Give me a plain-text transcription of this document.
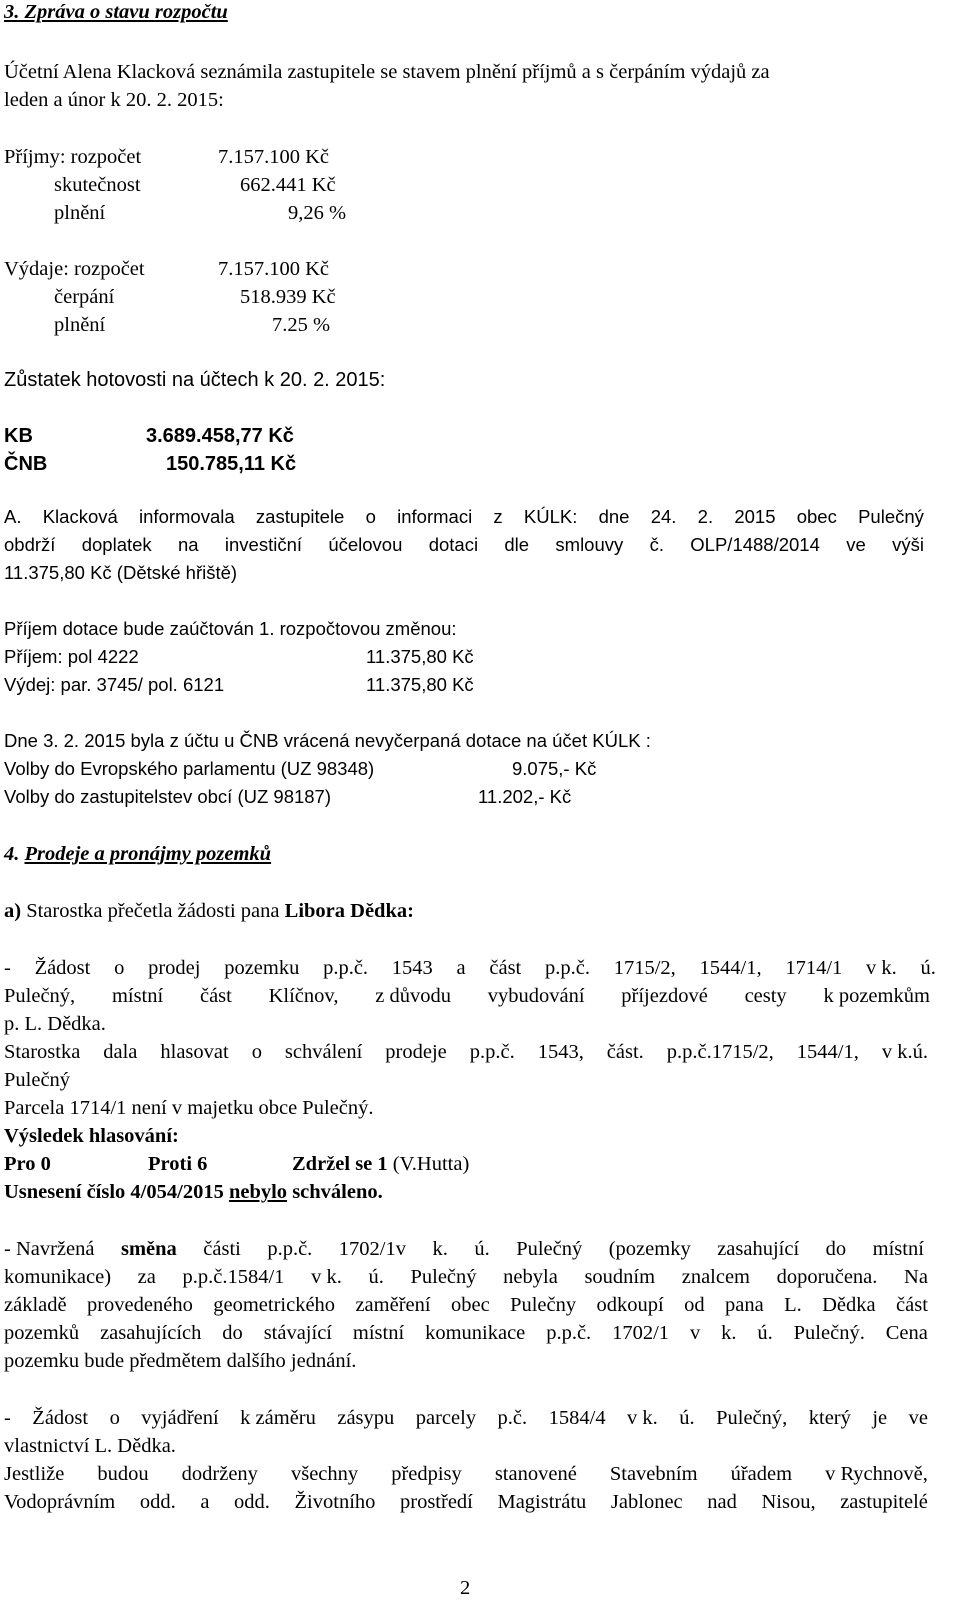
3. Zpráva o stavu rozpočtu
Účetní Alena Klacková seznámila zastupitele se stavem plnění příjmů a s čerpáním výdajů za
leden a únor k 20. 2. 2015:
Příjmy: rozpočet	7.157.100 Kč
skutečnost	662.441 Kč
plnění	9,26 %
Výdaje: rozpočet	7.157.100 Kč
čerpání	518.939 Kč
plnění	7.25 %
Zůstatek hotovosti na účtech k 20. 2. 2015:
KB	3.689.458,77 Kč
ČNB	150.785,11 Kč
A. Klacková informovala zastupitele o informaci z KÚLK: dne 24. 2. 2015 obec Pulečný
obdrží doplatek na investiční účelovou dotaci dle smlouvy č. OLP/1488/2014 ve výši
11.375,80 Kč (Dětské hřiště)
Příjem dotace bude zaúčtován 1. rozpočtovou změnou:
Příjem: pol 4222	11.375,80 Kč
Výdej: par. 3745/ pol. 6121	11.375,80 Kč
Dne 3. 2. 2015 byla z účtu u ČNB vrácená nevyčerpaná dotace na účet KÚLK :
Volby do Evropského parlamentu (UZ 98348)	9.075,- Kč
Volby do zastupitelstev obcí (UZ 98187)	11.202,- Kč
4. Prodeje a pronájmy pozemků
a) Starostka přečetla žádosti pana Libora Dědka:
- Žádost o prodej pozemku p.p.č. 1543 a část p.p.č. 1715/2, 1544/1, 1714/1 v k. ú.
Pulečný, místní část Klíčnov, z důvodu vybudování příjezdové cesty k pozemkům
p. L. Dědka.
Starostka dala hlasovat o schválení prodeje p.p.č. 1543, část. p.p.č.1715/2, 1544/1, v k.ú.
Pulečný
Parcela 1714/1 není v majetku obce Pulečný.
Výsledek hlasování:
Pro 0	Proti 6	Zdržel se 1 (V.Hutta)
Usnesení číslo 4/054/2015 nebylo schváleno.
- Navržená směna části p.p.č. 1702/1v k. ú. Pulečný (pozemky zasahující do místní
komunikace) za p.p.č.1584/1 v k. ú. Pulečný nebyla soudním znalcem doporučena. Na
základě provedeného geometrického zaměření obec Pulečny odkoupí od pana L. Dědka část
pozemků zasahujících do stávající místní komunikace p.p.č. 1702/1 v k. ú. Pulečný. Cena
pozemku bude předmětem dalšího jednání.
- Žádost o vyjádření k záměru zásypu parcely p.č. 1584/4 v k. ú. Pulečný, který je ve
vlastnictví L. Dědka.
Jestliže budou dodrženy všechny předpisy stanovené Stavebním úřadem v Rychnově,
Vodoprávním odd. a odd. Životního prostředí Magistrátu Jablonec nad Nisou, zastupitelé
2
